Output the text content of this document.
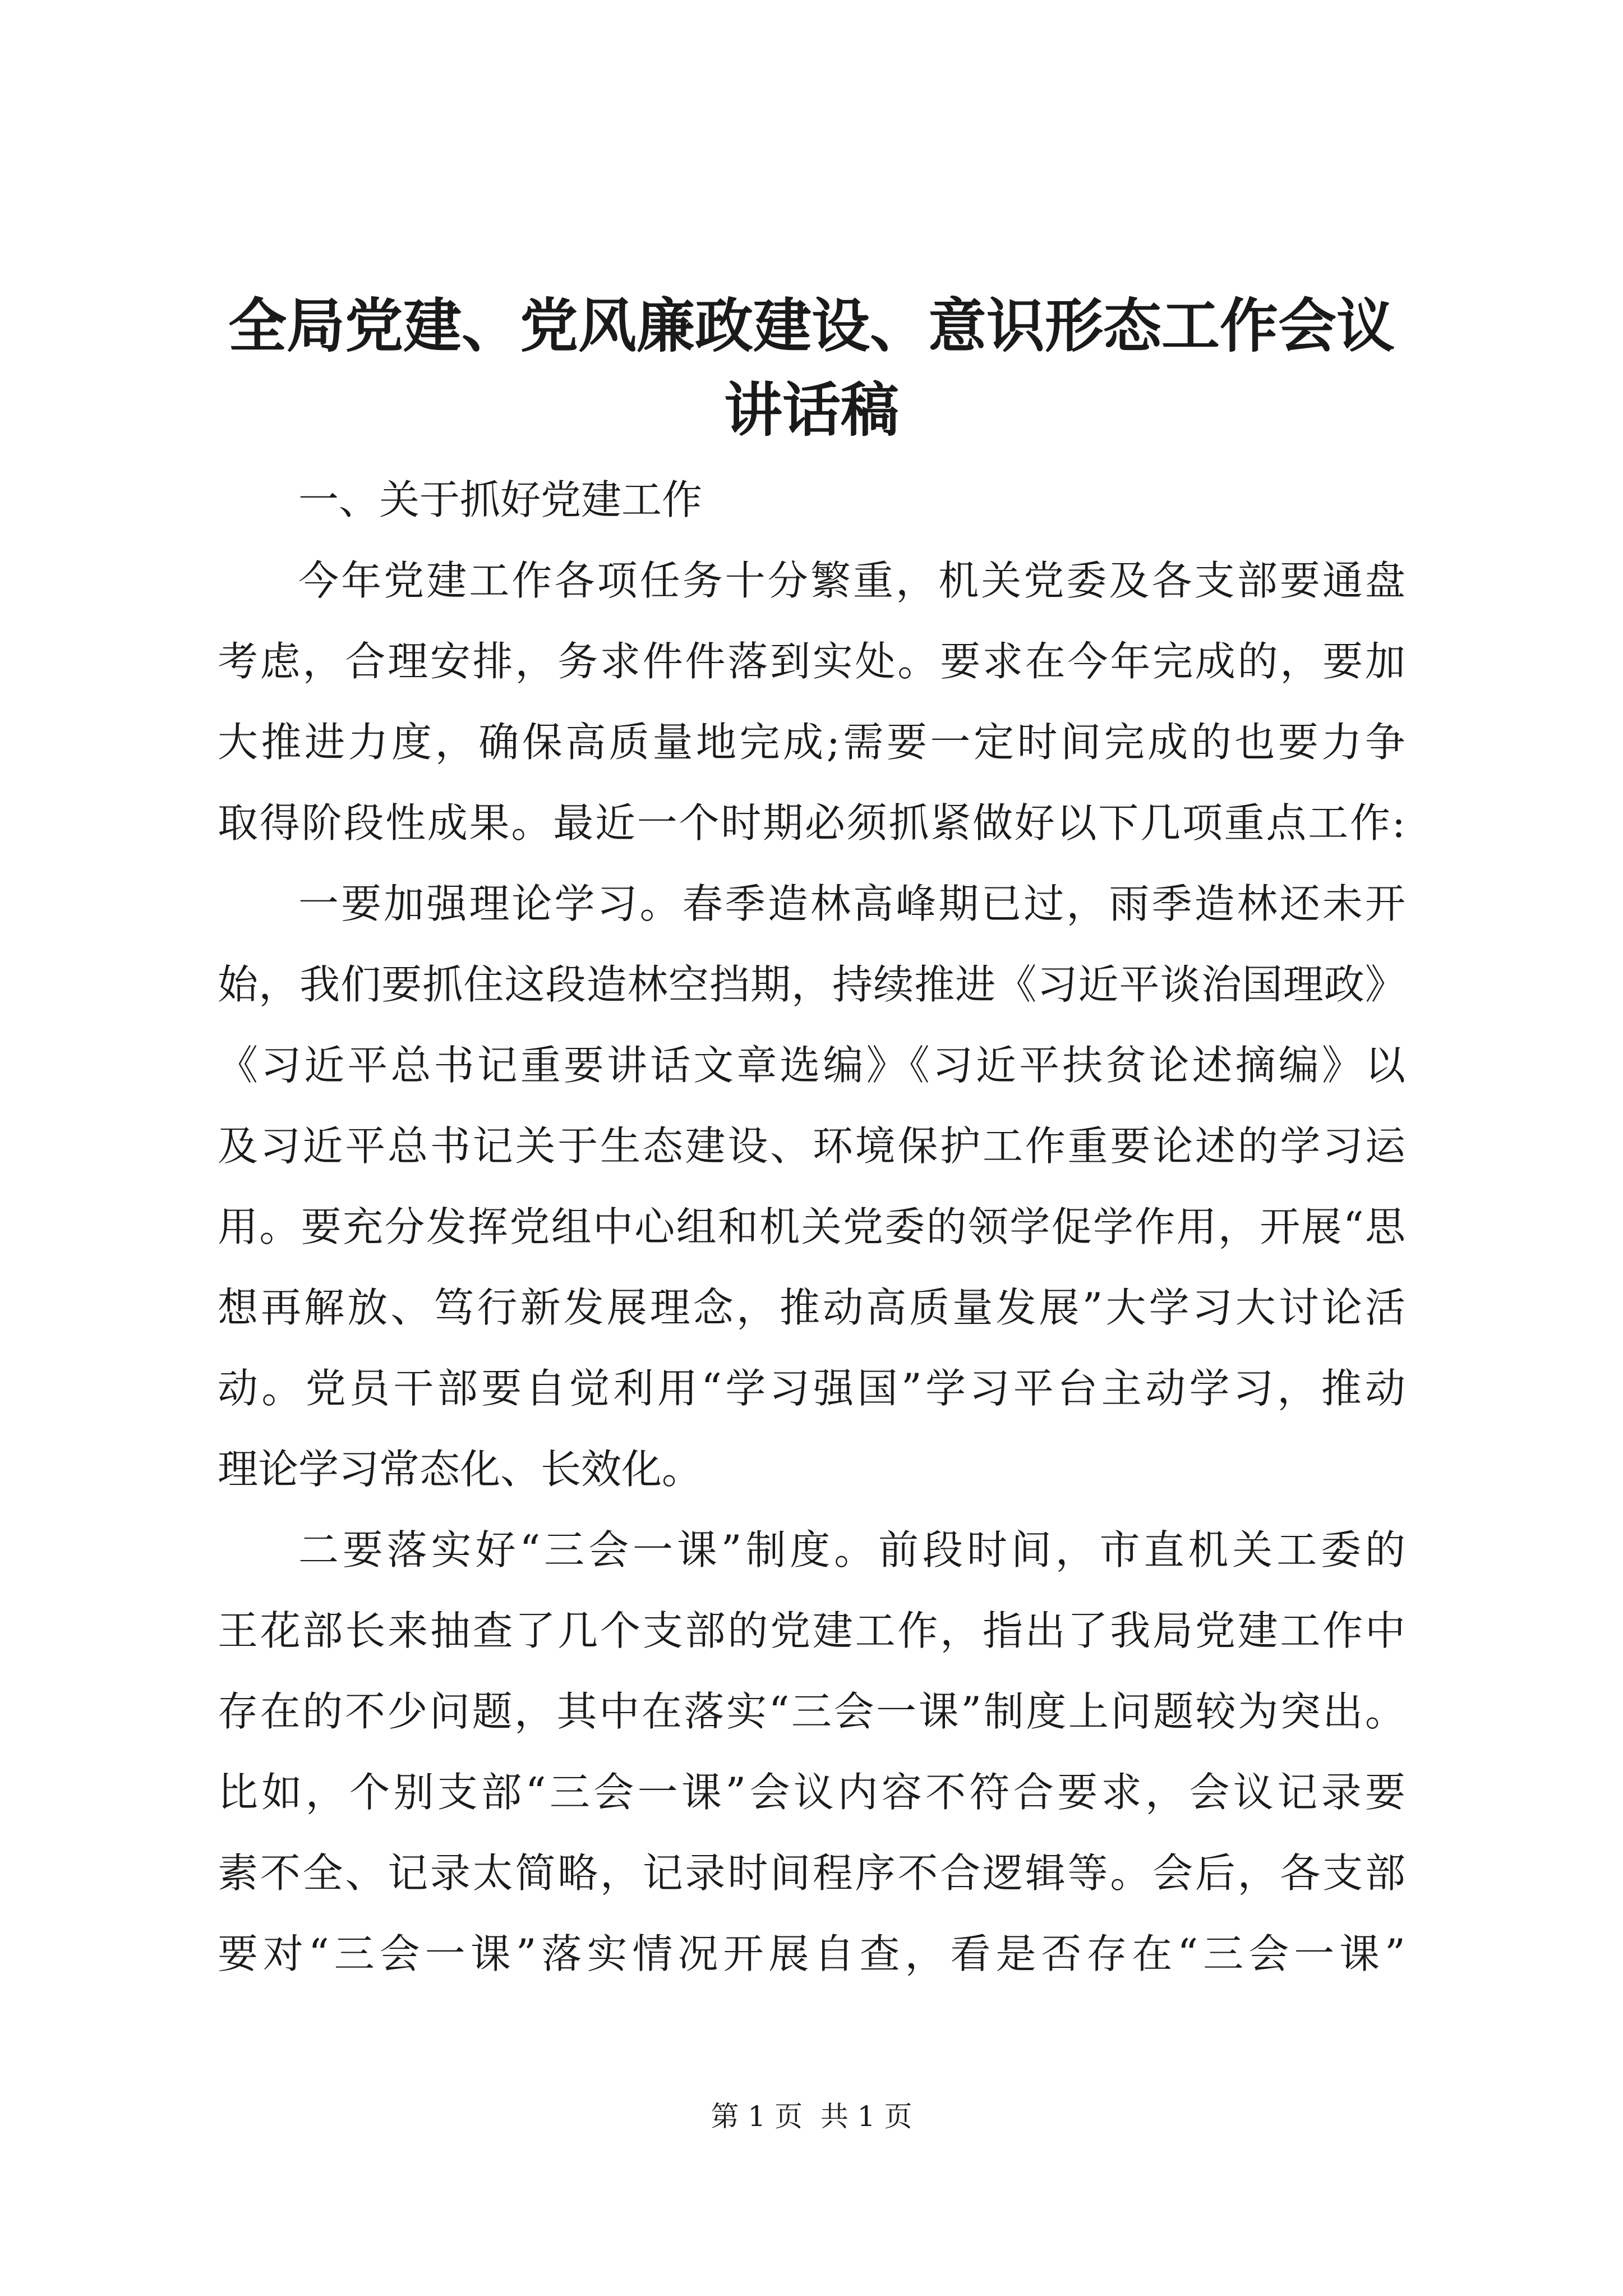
全局党建、党风廉政建设、意识形态工作会议
讲话稿
一、关于抓好党建工作
今年党建工作各项任务十分繁重，机关党委及各支部要通盘
考虑，合理安排，务求件件落到实处。要求在今年完成的，要加
大推进力度，确保高质量地完成;需要一定时间完成的也要力争
取得阶段性成果。最近一个时期必须抓紧做好以下几项重点工作:
一要加强理论学习。春季造林高峰期已过，雨季造林还未开
始，我们要抓住这段造林空挡期，持续推进《习近平谈治国理政》
《习近平总书记重要讲话文章选编》《习近平扶贫论述摘编》以
及习近平总书记关于生态建设、环境保护工作重要论述的学习运
用。要充分发挥党组中心组和机关党委的领学促学作用，开展“思
想再解放、笃行新发展理念，推动高质量发展”大学习大讨论活
动。党员干部要自觉利用“学习强国”学习平台主动学习，推动
理论学习常态化、长效化。
二要落实好“三会一课”制度。前段时间，市直机关工委的
王花部长来抽查了几个支部的党建工作，指出了我局党建工作中
存在的不少问题，其中在落实“三会一课”制度上问题较为突出。
比如，个别支部“三会一课”会议内容不符合要求，会议记录要
素不全、记录太简略，记录时间程序不合逻辑等。会后，各支部
要对“三会一课”落实情况开展自查，看是否存在“三会一课”
第 1 页  共 1 页
